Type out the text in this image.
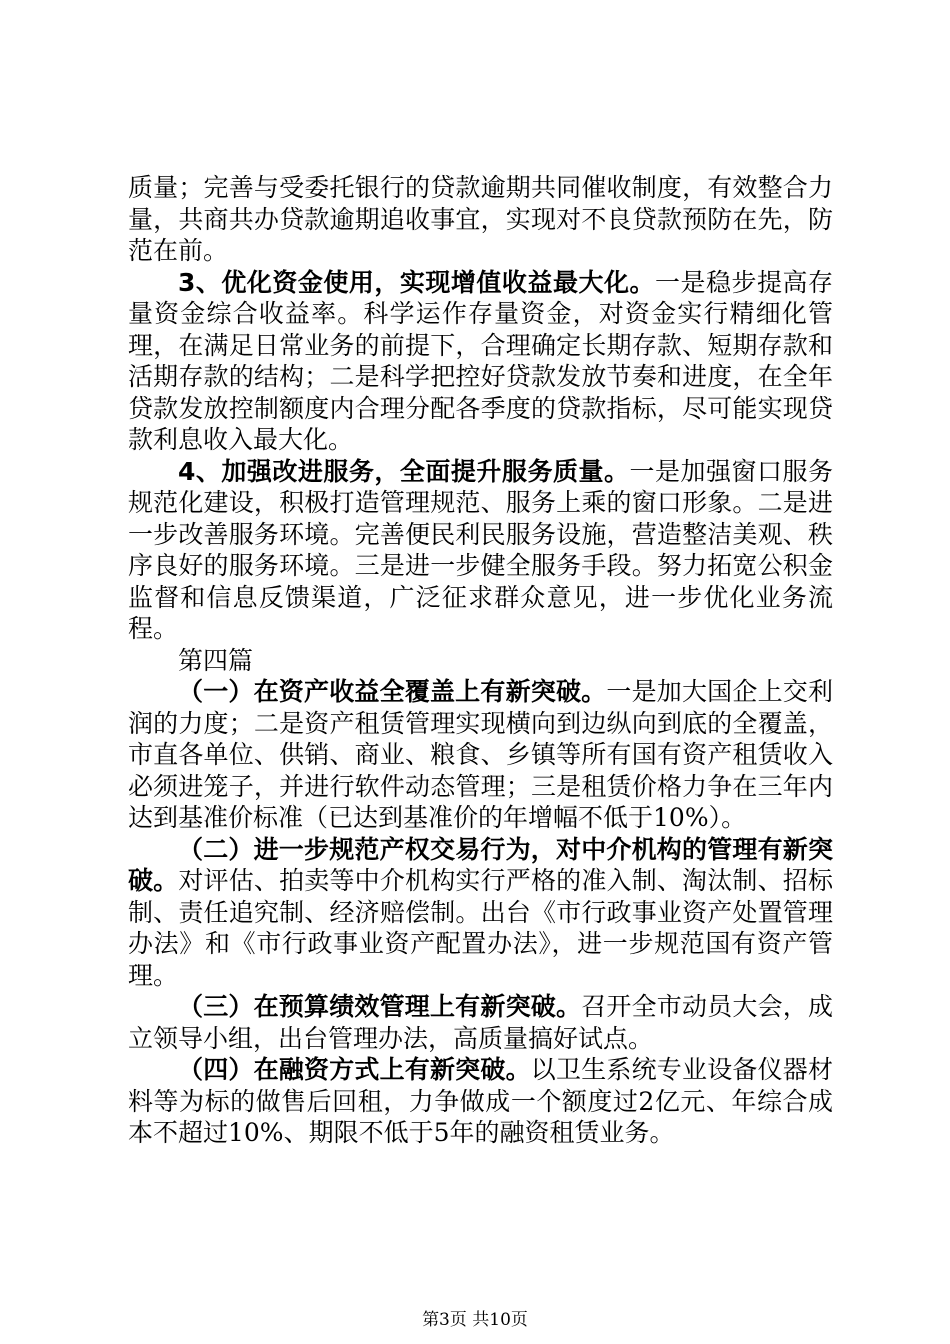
质量；完善与受委托银行的贷款逾期共同催收制度，有效整合力量，共商共办贷款逾期追收事宜，实现对不良贷款预防在先，防范在前。

3、优化资金使用，实现增值收益最大化。一是稳步提高存量资金综合收益率。科学运作存量资金，对资金实行精细化管理，在满足日常业务的前提下，合理确定长期存款、短期存款和活期存款的结构；二是科学把控好贷款发放节奏和进度，在全年贷款发放控制额度内合理分配各季度的贷款指标，尽可能实现贷款利息收入最大化。

4、加强改进服务，全面提升服务质量。一是加强窗口服务规范化建设，积极打造管理规范、服务上乘的窗口形象。二是进一步改善服务环境。完善便民利民服务设施，营造整洁美观、秩序良好的服务环境。三是进一步健全服务手段。努力拓宽公积金监督和信息反馈渠道，广泛征求群众意见，进一步优化业务流程。

第四篇

（一）在资产收益全覆盖上有新突破。一是加大国企上交利润的力度；二是资产租赁管理实现横向到边纵向到底的全覆盖，市直各单位、供销、商业、粮食、乡镇等所有国有资产租赁收入必须进笼子，并进行软件动态管理；三是租赁价格力争在三年内达到基准价标准（已达到基准价的年增幅不低于10%）。

（二）进一步规范产权交易行为，对中介机构的管理有新突破。对评估、拍卖等中介机构实行严格的准入制、淘汰制、招标制、责任追究制、经济赔偿制。出台《市行政事业资产处置管理办法》和《市行政事业资产配置办法》，进一步规范国有资产管理。

（三）在预算绩效管理上有新突破。召开全市动员大会，成立领导小组，出台管理办法，高质量搞好试点。

（四）在融资方式上有新突破。以卫生系统专业设备仪器材料等为标的做售后回租，力争做成一个额度过2亿元、年综合成本不超过10%、期限不低于5年的融资租赁业务。

第3页 共10页
